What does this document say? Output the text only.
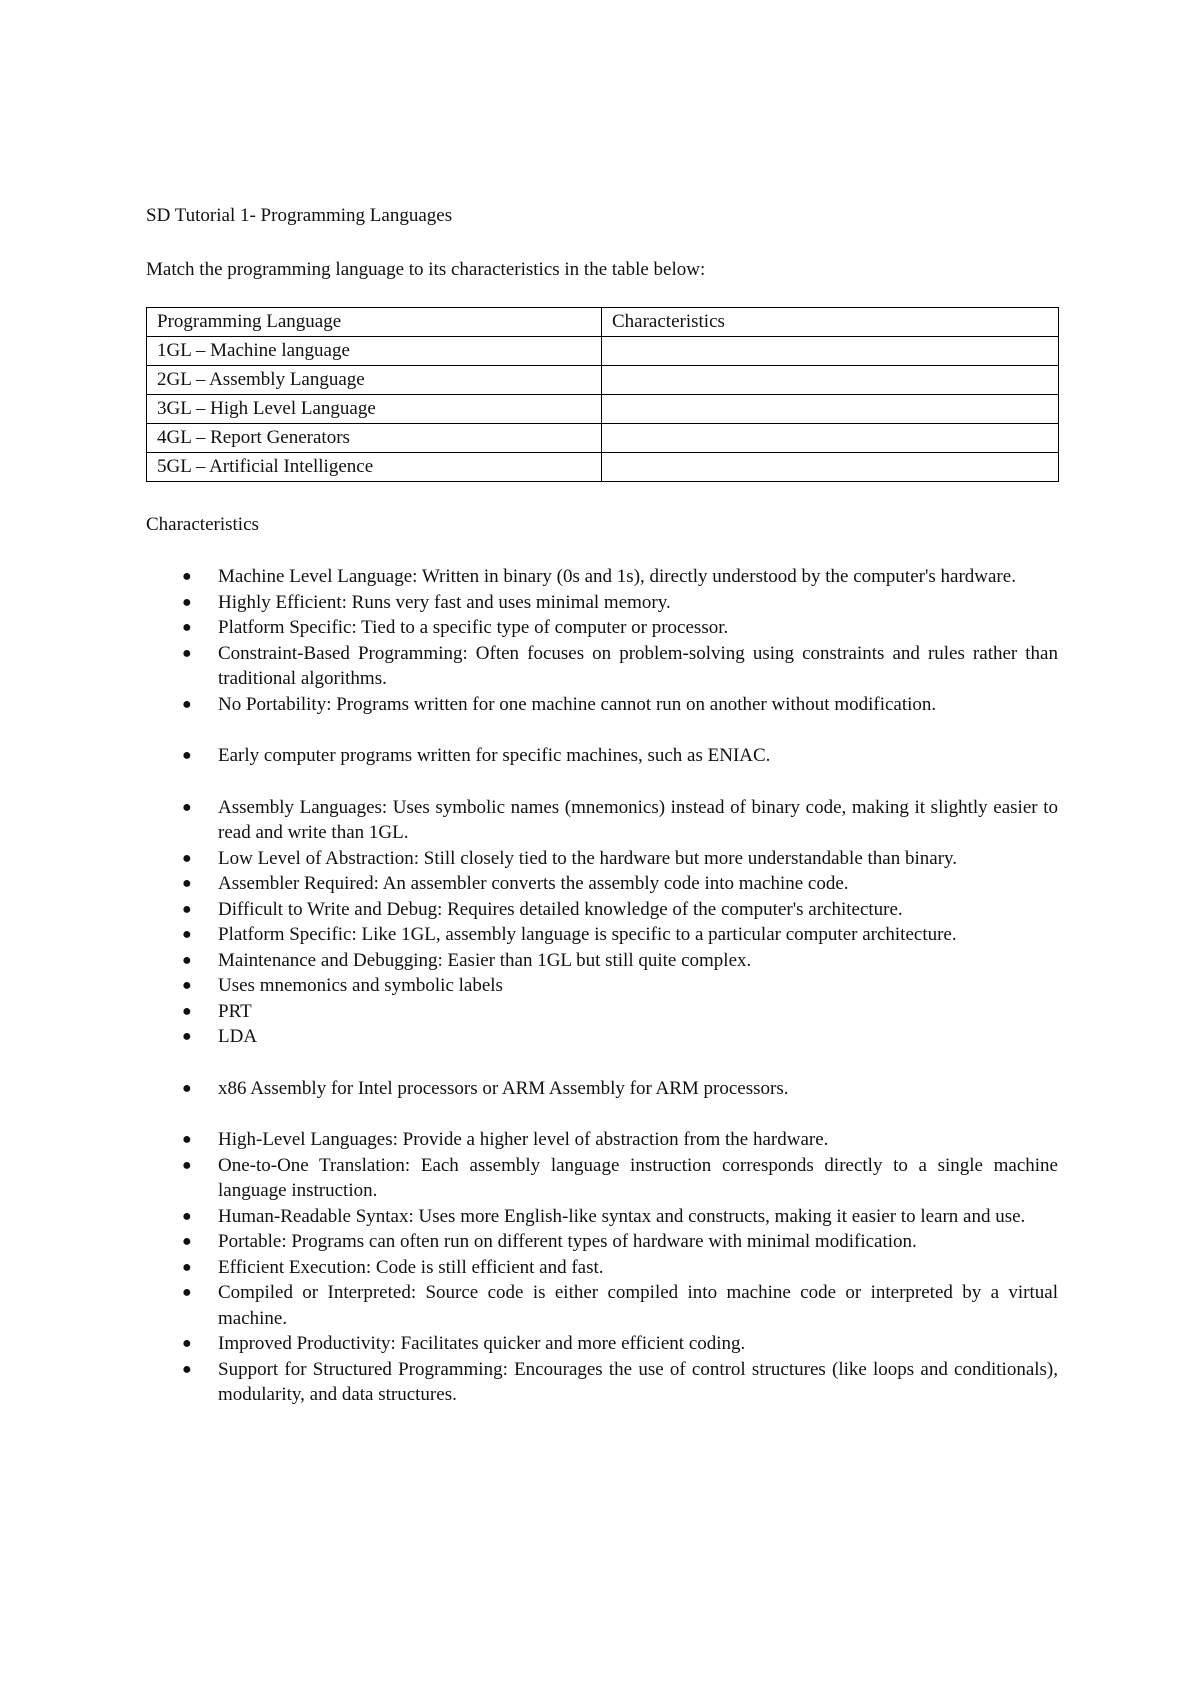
SD Tutorial 1- Programming Languages

Match the programming language to its characteristics in the table below:

Programming Language	Characteristics
1GL – Machine language	
2GL – Assembly Language	
3GL – High Level Language	
4GL – Report Generators	
5GL – Artificial Intelligence	

Characteristics

● Machine Level Language: Written in binary (0s and 1s), directly understood by the computer's hardware.
● Highly Efficient: Runs very fast and uses minimal memory.
● Platform Specific: Tied to a specific type of computer or processor.
● Constraint-Based Programming: Often focuses on problem-solving using constraints and rules rather than traditional algorithms.
● No Portability: Programs written for one machine cannot run on another without modification.
● Early computer programs written for specific machines, such as ENIAC.
● Assembly Languages: Uses symbolic names (mnemonics) instead of binary code, making it slightly easier to read and write than 1GL.
● Low Level of Abstraction: Still closely tied to the hardware but more understandable than binary.
● Assembler Required: An assembler converts the assembly code into machine code.
● Difficult to Write and Debug: Requires detailed knowledge of the computer's architecture.
● Platform Specific: Like 1GL, assembly language is specific to a particular computer architecture.
● Maintenance and Debugging: Easier than 1GL but still quite complex.
● Uses mnemonics and symbolic labels
● PRT
● LDA
● x86 Assembly for Intel processors or ARM Assembly for ARM processors.
● High-Level Languages: Provide a higher level of abstraction from the hardware.
● One-to-One Translation: Each assembly language instruction corresponds directly to a single machine language instruction.
● Human-Readable Syntax: Uses more English-like syntax and constructs, making it easier to learn and use.
● Portable: Programs can often run on different types of hardware with minimal modification.
● Efficient Execution: Code is still efficient and fast.
● Compiled or Interpreted: Source code is either compiled into machine code or interpreted by a virtual machine.
● Improved Productivity: Facilitates quicker and more efficient coding.
● Support for Structured Programming: Encourages the use of control structures (like loops and conditionals), modularity, and data structures.
